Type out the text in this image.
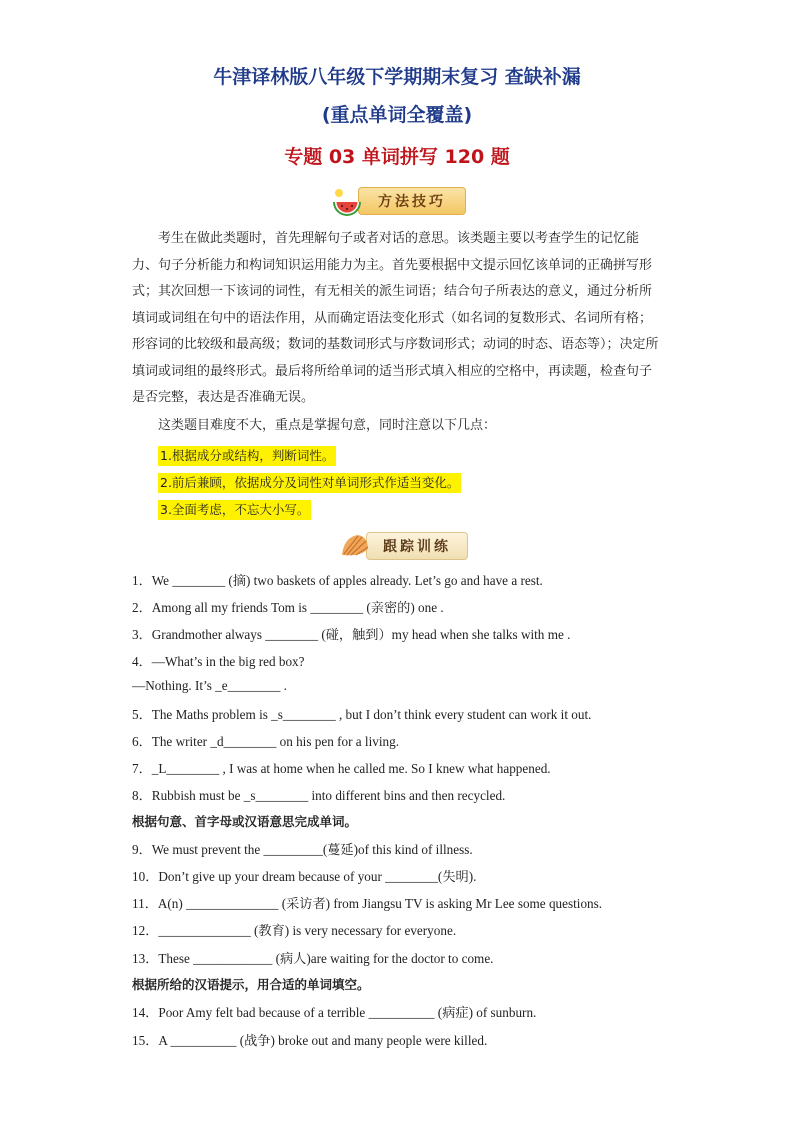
牛津译林版八年级下学期期末复习 查缺补漏
(重点单词全覆盖)
专题 03 单词拼写 120 题
方法技巧
考生在做此类题时，首先理解句子或者对话的意思。该类题主要以考查学生的记忆能力、句子分析能力和构词知识运用能力为主。首先要根据中文提示回忆该单词的正确拼写形式；其次回想一下该词的词性，有无相关的派生词语；结合句子所表达的意义，通过分析所填词或词组在句中的语法作用，从而确定语法变化形式（如名词的复数形式、名词所有格；形容词的比较级和最高级；数词的基数词形式与序数词形式；动词的时态、语态等）；决定所填词或词组的最终形式。最后将所给单词的适当形式填入相应的空格中，再读题，检查句子是否完整，表达是否准确无误。
这类题目难度不大，重点是掌握句意，同时注意以下几点：
1.根据成分或结构，判断词性。
2.前后兼顾，依据成分及词性对单词形式作适当变化。
3.全面考虑，不忘大小写。
跟踪训练
1．We ________ (摘) two baskets of apples already. Let’s go and have a rest.
2．Among all my friends Tom is ________ (亲密的) one .
3．Grandmother always ________ (碰，触到）my head when she talks with me .
4．—What’s in the big red box?
—Nothing. It’s _e________ .
5．The Maths problem is _s________ , but I don’t think every student can work it out.
6．The writer _d________ on his pen for a living.
7．_L________ , I was at home when he called me. So I knew what happened.
8．Rubbish must be _s________ into different bins and then recycled.
根据句意、首字母或汉语意思完成单词。
9．We must prevent the _________(蔓延)of this kind of illness.
10．Don’t give up your dream because of your ________(失明).
11．A(n) ______________ (采访者) from Jiangsu TV is asking Mr Lee some questions.
12．______________ (教育) is very necessary for everyone.
13．These ____________ (病人)are waiting for the doctor to come.
根据所给的汉语提示，用合适的单词填空。
14．Poor Amy felt bad because of a terrible __________ (病症) of sunburn.
15．A __________ (战争) broke out and many people were killed.
